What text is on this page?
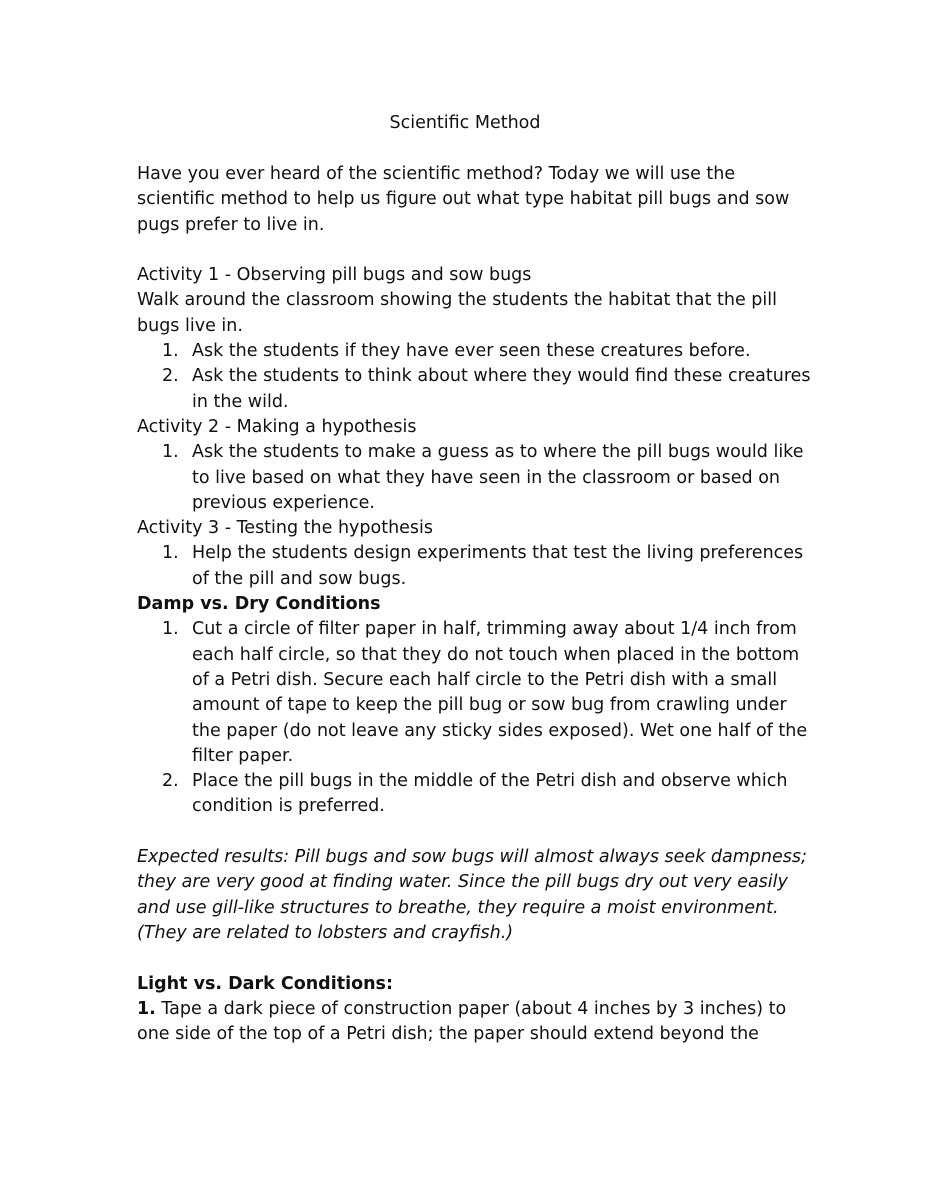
Scientific Method

Have you ever heard of the scientific method? Today we will use the scientific method to help us figure out what type habitat pill bugs and sow pugs prefer to live in.

Activity 1 - Observing pill bugs and sow bugs

Walk around the classroom showing the students the habitat that the pill bugs live in.

1. Ask the students if they have ever seen these creatures before.
2. Ask the students to think about where they would find these creatures in the wild.

Activity 2 - Making a hypothesis

1. Ask the students to make a guess as to where the pill bugs would like to live based on what they have seen in the classroom or based on previous experience.

Activity 3 - Testing the hypothesis

1. Help the students design experiments that test the living preferences of the pill and sow bugs.

Damp vs. Dry Conditions

1. Cut a circle of filter paper in half, trimming away about 1/4 inch from each half circle, so that they do not touch when placed in the bottom of a Petri dish. Secure each half circle to the Petri dish with a small amount of tape to keep the pill bug or sow bug from crawling under the paper (do not leave any sticky sides exposed). Wet one half of the filter paper.
2. Place the pill bugs in the middle of the Petri dish and observe which condition is preferred.

Expected results: Pill bugs and sow bugs will almost always seek dampness; they are very good at finding water. Since the pill bugs dry out very easily and use gill-like structures to breathe, they require a moist environment. (They are related to lobsters and crayfish.)

Light vs. Dark Conditions:

1. Tape a dark piece of construction paper (about 4 inches by 3 inches) to one side of the top of a Petri dish; the paper should extend beyond the
